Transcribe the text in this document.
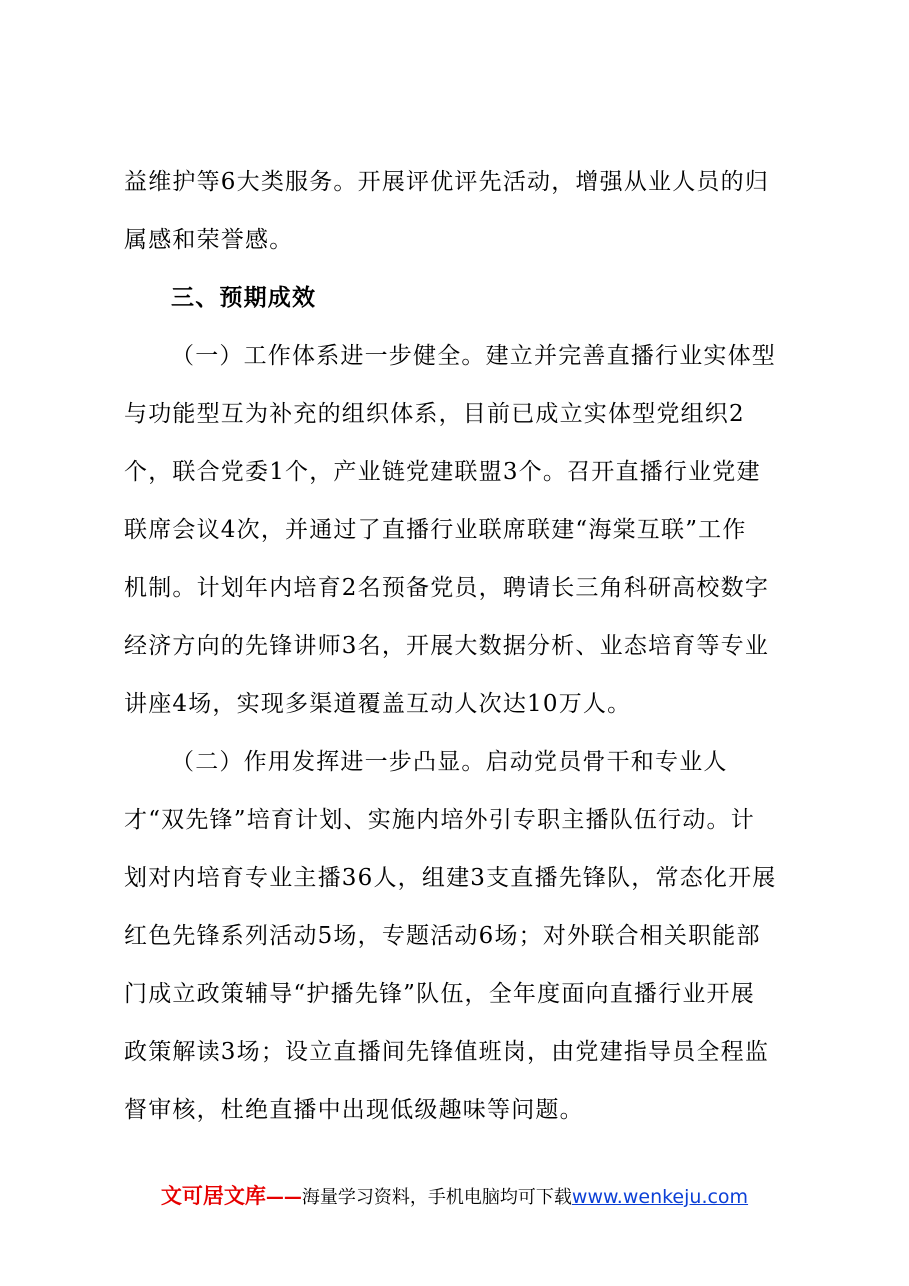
益维护等6大类服务。开展评优评先活动，增强从业人员的归
属感和荣誉感。
三、预期成效
（一）工作体系进一步健全。建立并完善直播行业实体型
与功能型互为补充的组织体系，目前已成立实体型党组织2
个，联合党委1个，产业链党建联盟3个。召开直播行业党建
联席会议4次，并通过了直播行业联席联建“海棠互联”工作
机制。计划年内培育2名预备党员，聘请长三角科研高校数字
经济方向的先锋讲师3名，开展大数据分析、业态培育等专业
讲座4场，实现多渠道覆盖互动人次达10万人。
（二）作用发挥进一步凸显。启动党员骨干和专业人
才“双先锋”培育计划、实施内培外引专职主播队伍行动。计
划对内培育专业主播36人，组建3支直播先锋队，常态化开展
红色先锋系列活动5场，专题活动6场；对外联合相关职能部
门成立政策辅导“护播先锋”队伍，全年度面向直播行业开展
政策解读3场；设立直播间先锋值班岗，由党建指导员全程监
督审核，杜绝直播中出现低级趣味等问题。
文可居文库——海量学习资料，手机电脑均可下载www.wenkeju.com
